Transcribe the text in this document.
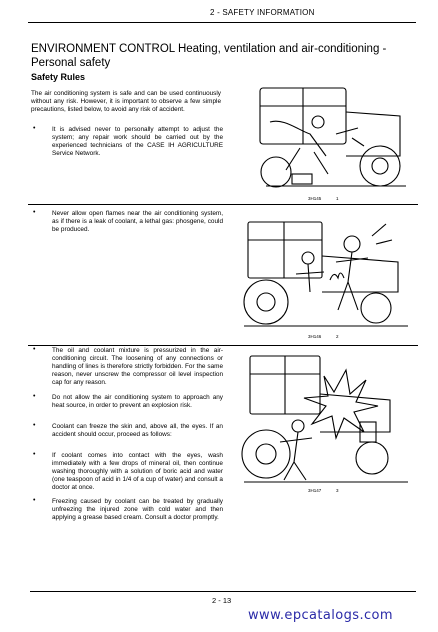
2 - SAFETY INFORMATION
ENVIRONMENT CONTROL Heating, ventilation and air-conditioning - Personal safety
Safety Rules
The air conditioning system is safe and can be used continuously without any risk. However, it is important to observe a few simple precautions, listed below, to avoid any risk of accident.
•	It is advised never to personally attempt to adjust the system; any repair work should be carried out by the experienced technicians of the CASE IH AGRICULTURE Service Network.
•	Never allow open flames near the air conditioning system, as if there is a leak of coolant, a lethal gas: phosgene, could be produced.
•	The oil and coolant mixture is pressurized in the air-conditioning circuit. The loosening of any connections or handling of lines is therefore strictly forbidden. For the same reason, never unscrew the compressor oil level inspection cap for any reason.
•	Do not allow the air conditioning system to approach any heat source, in order to prevent an explosion risk.
•	Coolant can freeze the skin and, above all, the eyes. If an accident should occur, proceed as follows:
•	If coolant comes into contact with the eyes, wash immediately with a few drops of mineral oil, then continue washing thoroughly with a solution of boric acid and water (one teaspoon of acid in 1/4 of a cup of water) and consult a doctor at once.
•	Freezing caused by coolant can be treated by gradually unfreezing the injured zone with cold water and then applying a grease based cream. Consult a doctor promptly.
3H145	1
3H146	2
3H147	3
2 - 13
www.epcatalogs.com
